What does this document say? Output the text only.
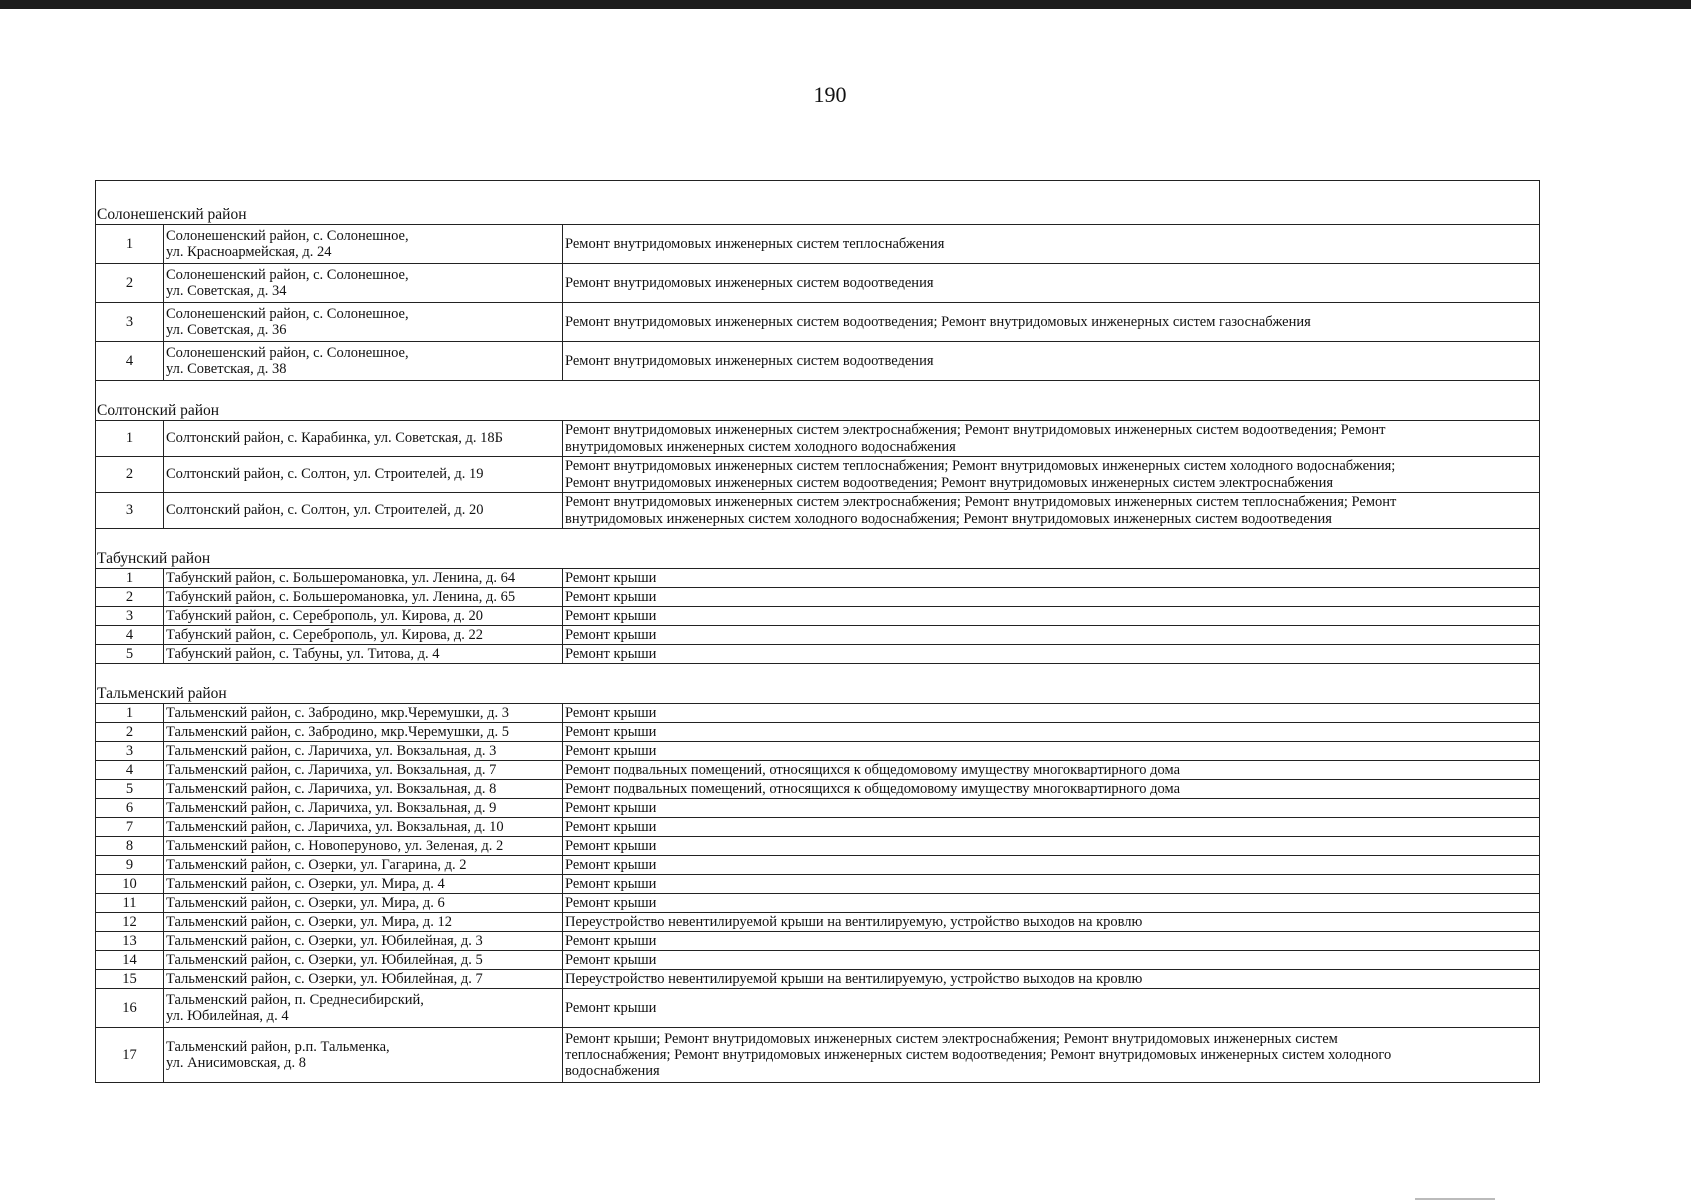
190
Солонешенский район		
1	Солонешенский район, с. Солонешное,
ул. Красноармейская, д. 24	Ремонт внутридомовых инженерных систем теплоснабжения
2	Солонешенский район, с. Солонешное,
ул. Советская, д. 34	Ремонт внутридомовых инженерных систем водоотведения
3	Солонешенский район, с. Солонешное,
ул. Советская, д. 36	Ремонт внутридомовых инженерных систем водоотведения; Ремонт внутридомовых инженерных систем газоснабжения
4	Солонешенский район, с. Солонешное,
ул. Советская, д. 38	Ремонт внутридомовых инженерных систем водоотведения
Солтонский район		
1	Солтонский район, с. Карабинка, ул. Советская, д. 18Б	Ремонт внутридомовых инженерных систем электроснабжения; Ремонт внутридомовых инженерных систем водоотведения; Ремонт
внутридомовых инженерных систем холодного водоснабжения
2	Солтонский район, с. Солтон, ул. Строителей, д. 19	Ремонт внутридомовых инженерных систем теплоснабжения; Ремонт внутридомовых инженерных систем холодного водоснабжения;
Ремонт внутридомовых инженерных систем водоотведения; Ремонт внутридомовых инженерных систем электроснабжения
3	Солтонский район, с. Солтон, ул. Строителей, д. 20	Ремонт внутридомовых инженерных систем электроснабжения; Ремонт внутридомовых инженерных систем теплоснабжения; Ремонт
внутридомовых инженерных систем холодного водоснабжения; Ремонт внутридомовых инженерных систем водоотведения
Табунский район		
1	Табунский район, с. Большеромановка, ул. Ленина, д. 64	Ремонт крыши
2	Табунский район, с. Большеромановка, ул. Ленина, д. 65	Ремонт крыши
3	Табунский район, с. Сереброполь, ул. Кирова, д. 20	Ремонт крыши
4	Табунский район, с. Сереброполь, ул. Кирова, д. 22	Ремонт крыши
5	Табунский район, с. Табуны, ул. Титова, д. 4	Ремонт крыши
Тальменский район		
1	Тальменский район, с. Забродино, мкр.Черемушки, д. 3	Ремонт крыши
2	Тальменский район, с. Забродино, мкр.Черемушки, д. 5	Ремонт крыши
3	Тальменский район, с. Ларичиха, ул. Вокзальная, д. 3	Ремонт крыши
4	Тальменский район, с. Ларичиха, ул. Вокзальная, д. 7	Ремонт подвальных помещений, относящихся к общедомовому имуществу многоквартирного дома
5	Тальменский район, с. Ларичиха, ул. Вокзальная, д. 8	Ремонт подвальных помещений, относящихся к общедомовому имуществу многоквартирного дома
6	Тальменский район, с. Ларичиха, ул. Вокзальная, д. 9	Ремонт крыши
7	Тальменский район, с. Ларичиха, ул. Вокзальная, д. 10	Ремонт крыши
8	Тальменский район, с. Новоперуново, ул. Зеленая, д. 2	Ремонт крыши
9	Тальменский район, с. Озерки, ул. Гагарина, д. 2	Ремонт крыши
10	Тальменский район, с. Озерки, ул. Мира, д. 4	Ремонт крыши
11	Тальменский район, с. Озерки, ул. Мира, д. 6	Ремонт крыши
12	Тальменский район, с. Озерки, ул. Мира, д. 12	Переустройство невентилируемой крыши на вентилируемую, устройство выходов на кровлю
13	Тальменский район, с. Озерки, ул. Юбилейная, д. 3	Ремонт крыши
14	Тальменский район, с. Озерки, ул. Юбилейная, д. 5	Ремонт крыши
15	Тальменский район, с. Озерки, ул. Юбилейная, д. 7	Переустройство невентилируемой крыши на вентилируемую, устройство выходов на кровлю
16	Тальменский район, п. Среднесибирский,
ул. Юбилейная, д. 4	Ремонт крыши
17	Тальменский район, р.п. Тальменка,
ул. Анисимовская, д. 8	Ремонт крыши; Ремонт внутридомовых инженерных систем электроснабжения; Ремонт внутридомовых инженерных систем
теплоснабжения; Ремонт внутридомовых инженерных систем водоотведения; Ремонт внутридомовых инженерных систем холодного
водоснабжения
